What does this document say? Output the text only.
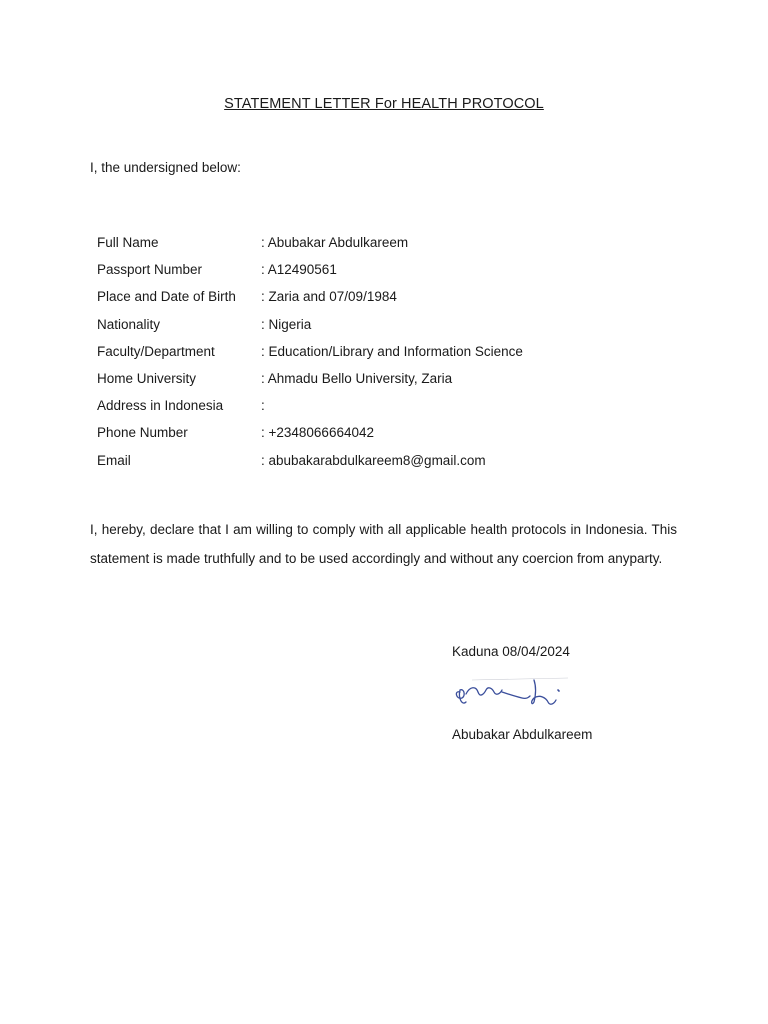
STATEMENT LETTER For HEALTH PROTOCOL
I, the undersigned below:
Full Name	: Abubakar Abdulkareem
Passport Number	: A12490561
Place and Date of Birth	: Zaria and 07/09/1984
Nationality	: Nigeria
Faculty/Department	: Education/Library and Information Science
Home University	: Ahmadu Bello University, Zaria
Address in Indonesia	:
Phone Number	: +2348066664042
Email	: abubakarabdulkareem8@gmail.com
I, hereby, declare that I am willing to comply with all applicable health protocols in Indonesia. This statement is made truthfully and to be used accordingly and without any coercion from anyparty.
Kaduna 08/04/2024
Abubakar Abdulkareem
